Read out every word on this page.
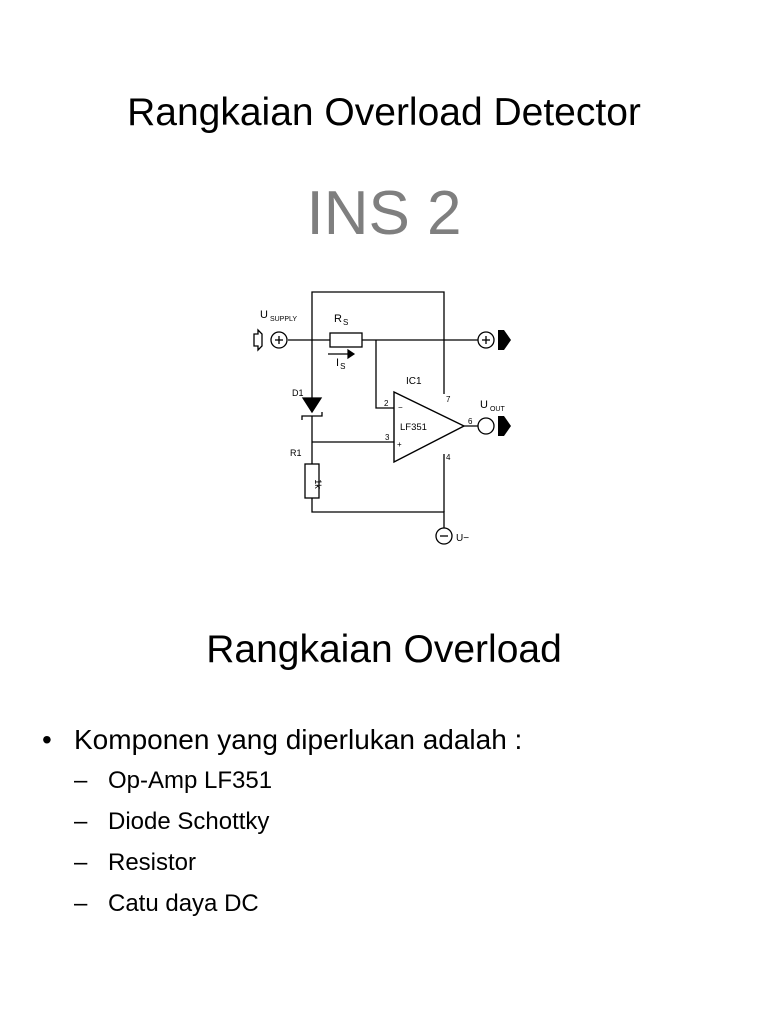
Rangkaian Overload Detector
INS 2
U $_{SUPPLY}$	$R_S$
$I_S$
D1
R1
1k
IC1
LF351
2
3
−
+
7
4
6
U $_{OUT}$
U−
Rangkaian Overload
• Komponen yang diperlukan adalah :
– Op-Amp LF351
– Diode Schottky
– Resistor
– Catu daya DC
